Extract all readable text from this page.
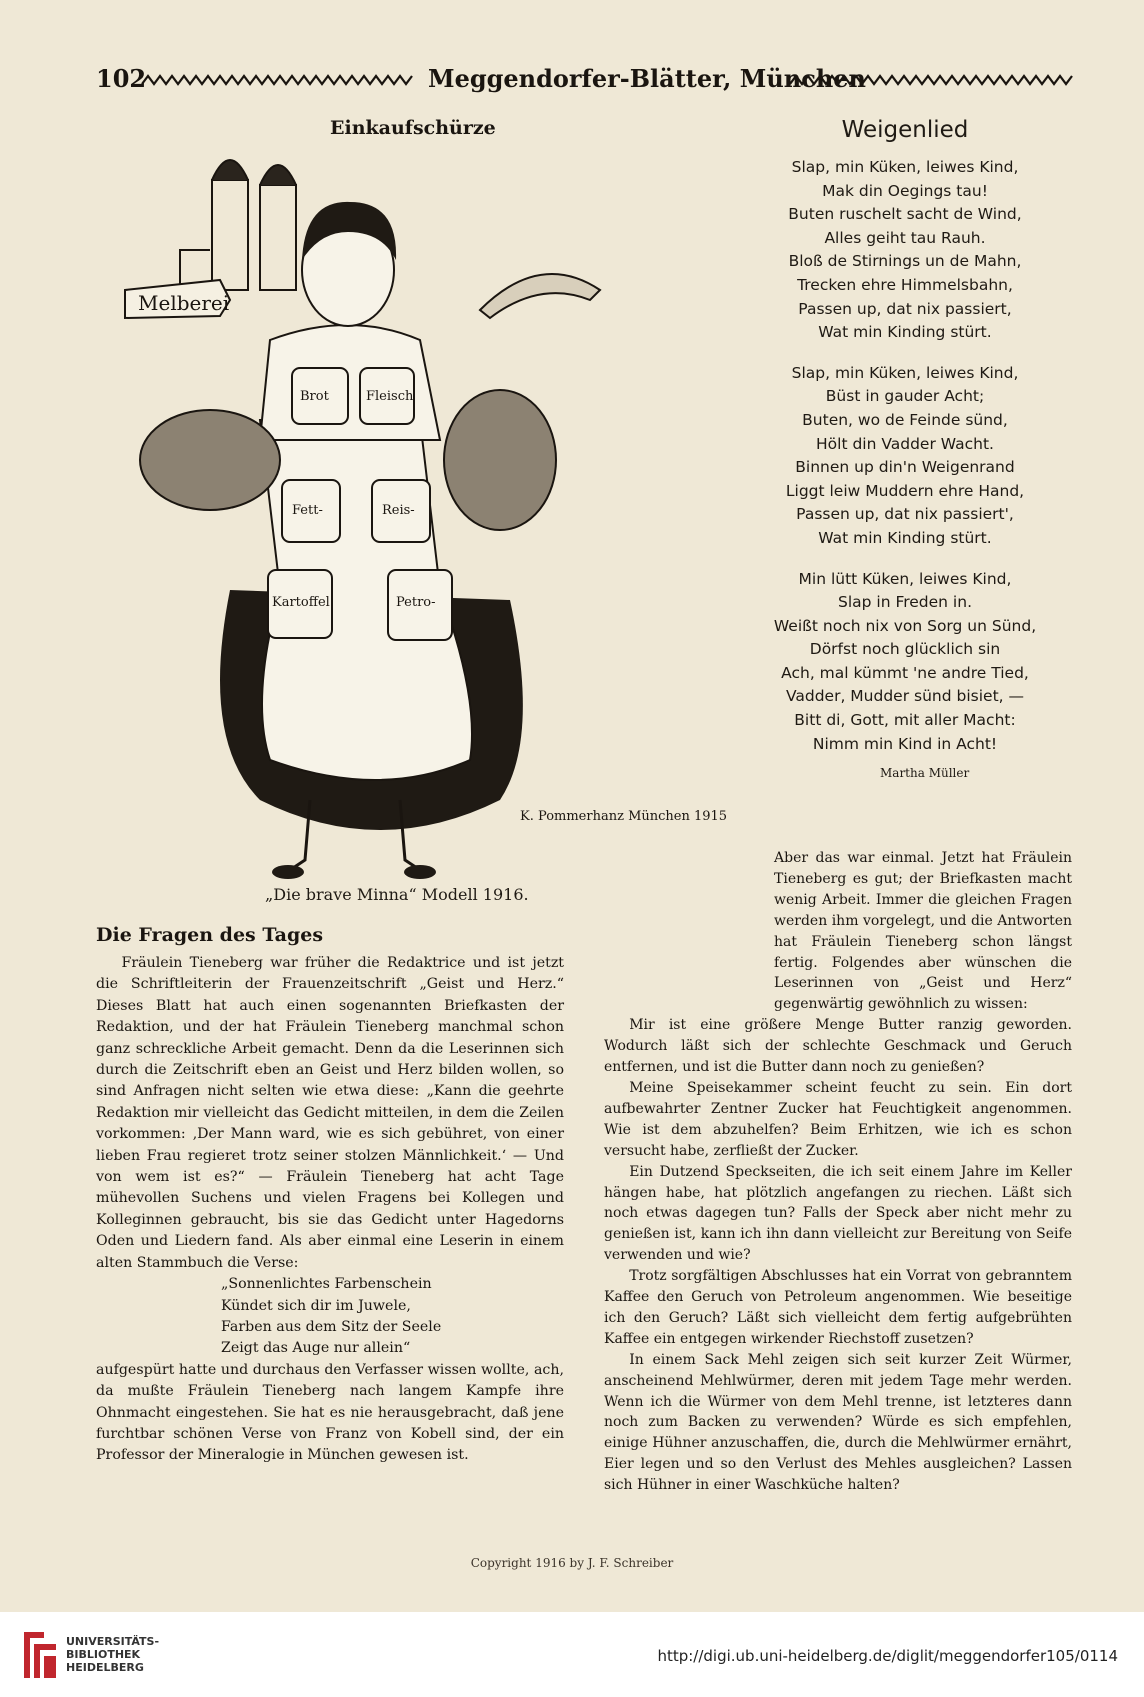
102	Meggendorfer-Blätter, München
Einkaufschürze
Melberei
Brot	Fleisch
Fett-	Reis-
Kartoffel	Petro-
K. Pommerhanz München 1915
„Die brave Minna“ Modell 1916.
Weigenlied
Slap, min Küken, leiwes Kind,
Mak din Oegings tau!
Buten ruschelt sacht de Wind,
Alles geiht tau Rauh.
Bloß de Stirnings un de Mahn,
Trecken ehre Himmelsbahn,
Passen up, dat nix passiert,
Wat min Kinding stürt.
Slap, min Küken, leiwes Kind,
Büst in gauder Acht;
Buten, wo de Feinde sünd,
Hölt din Vadder Wacht.
Binnen up din'n Weigenrand
Liggt leiw Muddern ehre Hand,
Passen up, dat nix passiert',
Wat min Kinding stürt.
Min lütt Küken, leiwes Kind,
Slap in Freden in.
Weißt noch nix von Sorg un Sünd,
Dörfst noch glücklich sin
Ach, mal kümmt 'ne andre Tied,
Vadder, Mudder sünd bisiet, —
Bitt di, Gott, mit aller Macht:
Nimm min Kind in Acht!
Martha Müller
Die Fragen des Tages

Fräulein Tieneberg war früher die Redaktrice und ist jetzt die Schriftleiterin der Frauenzeitschrift „Geist und Herz.“ Dieses Blatt hat auch einen sogenannten Briefkasten der Redaktion, und der hat Fräulein Tieneberg manchmal schon ganz schreckliche Arbeit gemacht. Denn da die Leserinnen sich durch die Zeitschrift eben an Geist und Herz bilden wollen, so sind Anfragen nicht selten wie etwa diese: „Kann die geehrte Redaktion mir vielleicht das Gedicht mitteilen, in dem die Zeilen vorkommen: ‚Der Mann ward, wie es sich gebühret, von einer lieben Frau regieret trotz seiner stolzen Männlichkeit.‘ — Und von wem ist es?“ — Fräulein Tieneberg hat acht Tage mühevollen Suchens und vielen Fragens bei Kollegen und Kolleginnen gebraucht, bis sie das Gedicht unter Hagedorns Oden und Liedern fand. Als aber einmal eine Leserin in einem alten Stammbuch die Verse:

„Sonnenlichtes Farbenschein
Kündet sich dir im Juwele,
Farben aus dem Sitz der Seele
Zeigt das Auge nur allein“

aufgespürt hatte und durchaus den Verfasser wissen wollte, ach, da mußte Fräulein Tieneberg nach langem Kampfe ihre Ohnmacht eingestehen. Sie hat es nie herausgebracht, daß jene furchtbar schönen Verse von Franz von Kobell sind, der ein Professor der Mineralogie in München gewesen ist.

Aber das war einmal. Jetzt hat Fräulein Tieneberg es gut; der Briefkasten macht wenig Arbeit. Immer die gleichen Fragen werden ihm vorgelegt, und die Antworten hat Fräulein Tieneberg schon längst fertig. Folgendes aber wünschen die Leserinnen von „Geist und Herz“ gegenwärtig gewöhnlich zu wissen:

Mir ist eine größere Menge Butter ranzig geworden. Wodurch läßt sich der schlechte Geschmack und Geruch entfernen, und ist die Butter dann noch zu genießen?

Meine Speisekammer scheint feucht zu sein. Ein dort aufbewahrter Zentner Zucker hat Feuchtigkeit angenommen. Wie ist dem abzuhelfen? Beim Erhitzen, wie ich es schon versucht habe, zerfließt der Zucker.

Ein Dutzend Speckseiten, die ich seit einem Jahre im Keller hängen habe, hat plötzlich angefangen zu riechen. Läßt sich noch etwas dagegen tun? Falls der Speck aber nicht mehr zu genießen ist, kann ich ihn dann vielleicht zur Bereitung von Seife verwenden und wie?

Trotz sorgfältigen Abschlusses hat ein Vorrat von gebranntem Kaffee den Geruch von Petroleum angenommen. Wie beseitige ich den Geruch? Läßt sich vielleicht dem fertig aufgebrühten Kaffee ein entgegen wirkender Riechstoff zusetzen?

In einem Sack Mehl zeigen sich seit kurzer Zeit Würmer, anscheinend Mehlwürmer, deren mit jedem Tage mehr werden. Wenn ich die Würmer von dem Mehl trenne, ist letzteres dann noch zum Backen zu verwenden? Würde es sich empfehlen, einige Hühner anzuschaffen, die, durch die Mehlwürmer ernährt, Eier legen und so den Verlust des Mehles ausgleichen? Lassen sich Hühner in einer Waschküche halten?

Copyright 1916 by J. F. Schreiber
UNIVERSITÄTS-
BIBLIOTHEK
HEIDELBERG
http://digi.ub.uni-heidelberg.de/diglit/meggendorfer105/0114
